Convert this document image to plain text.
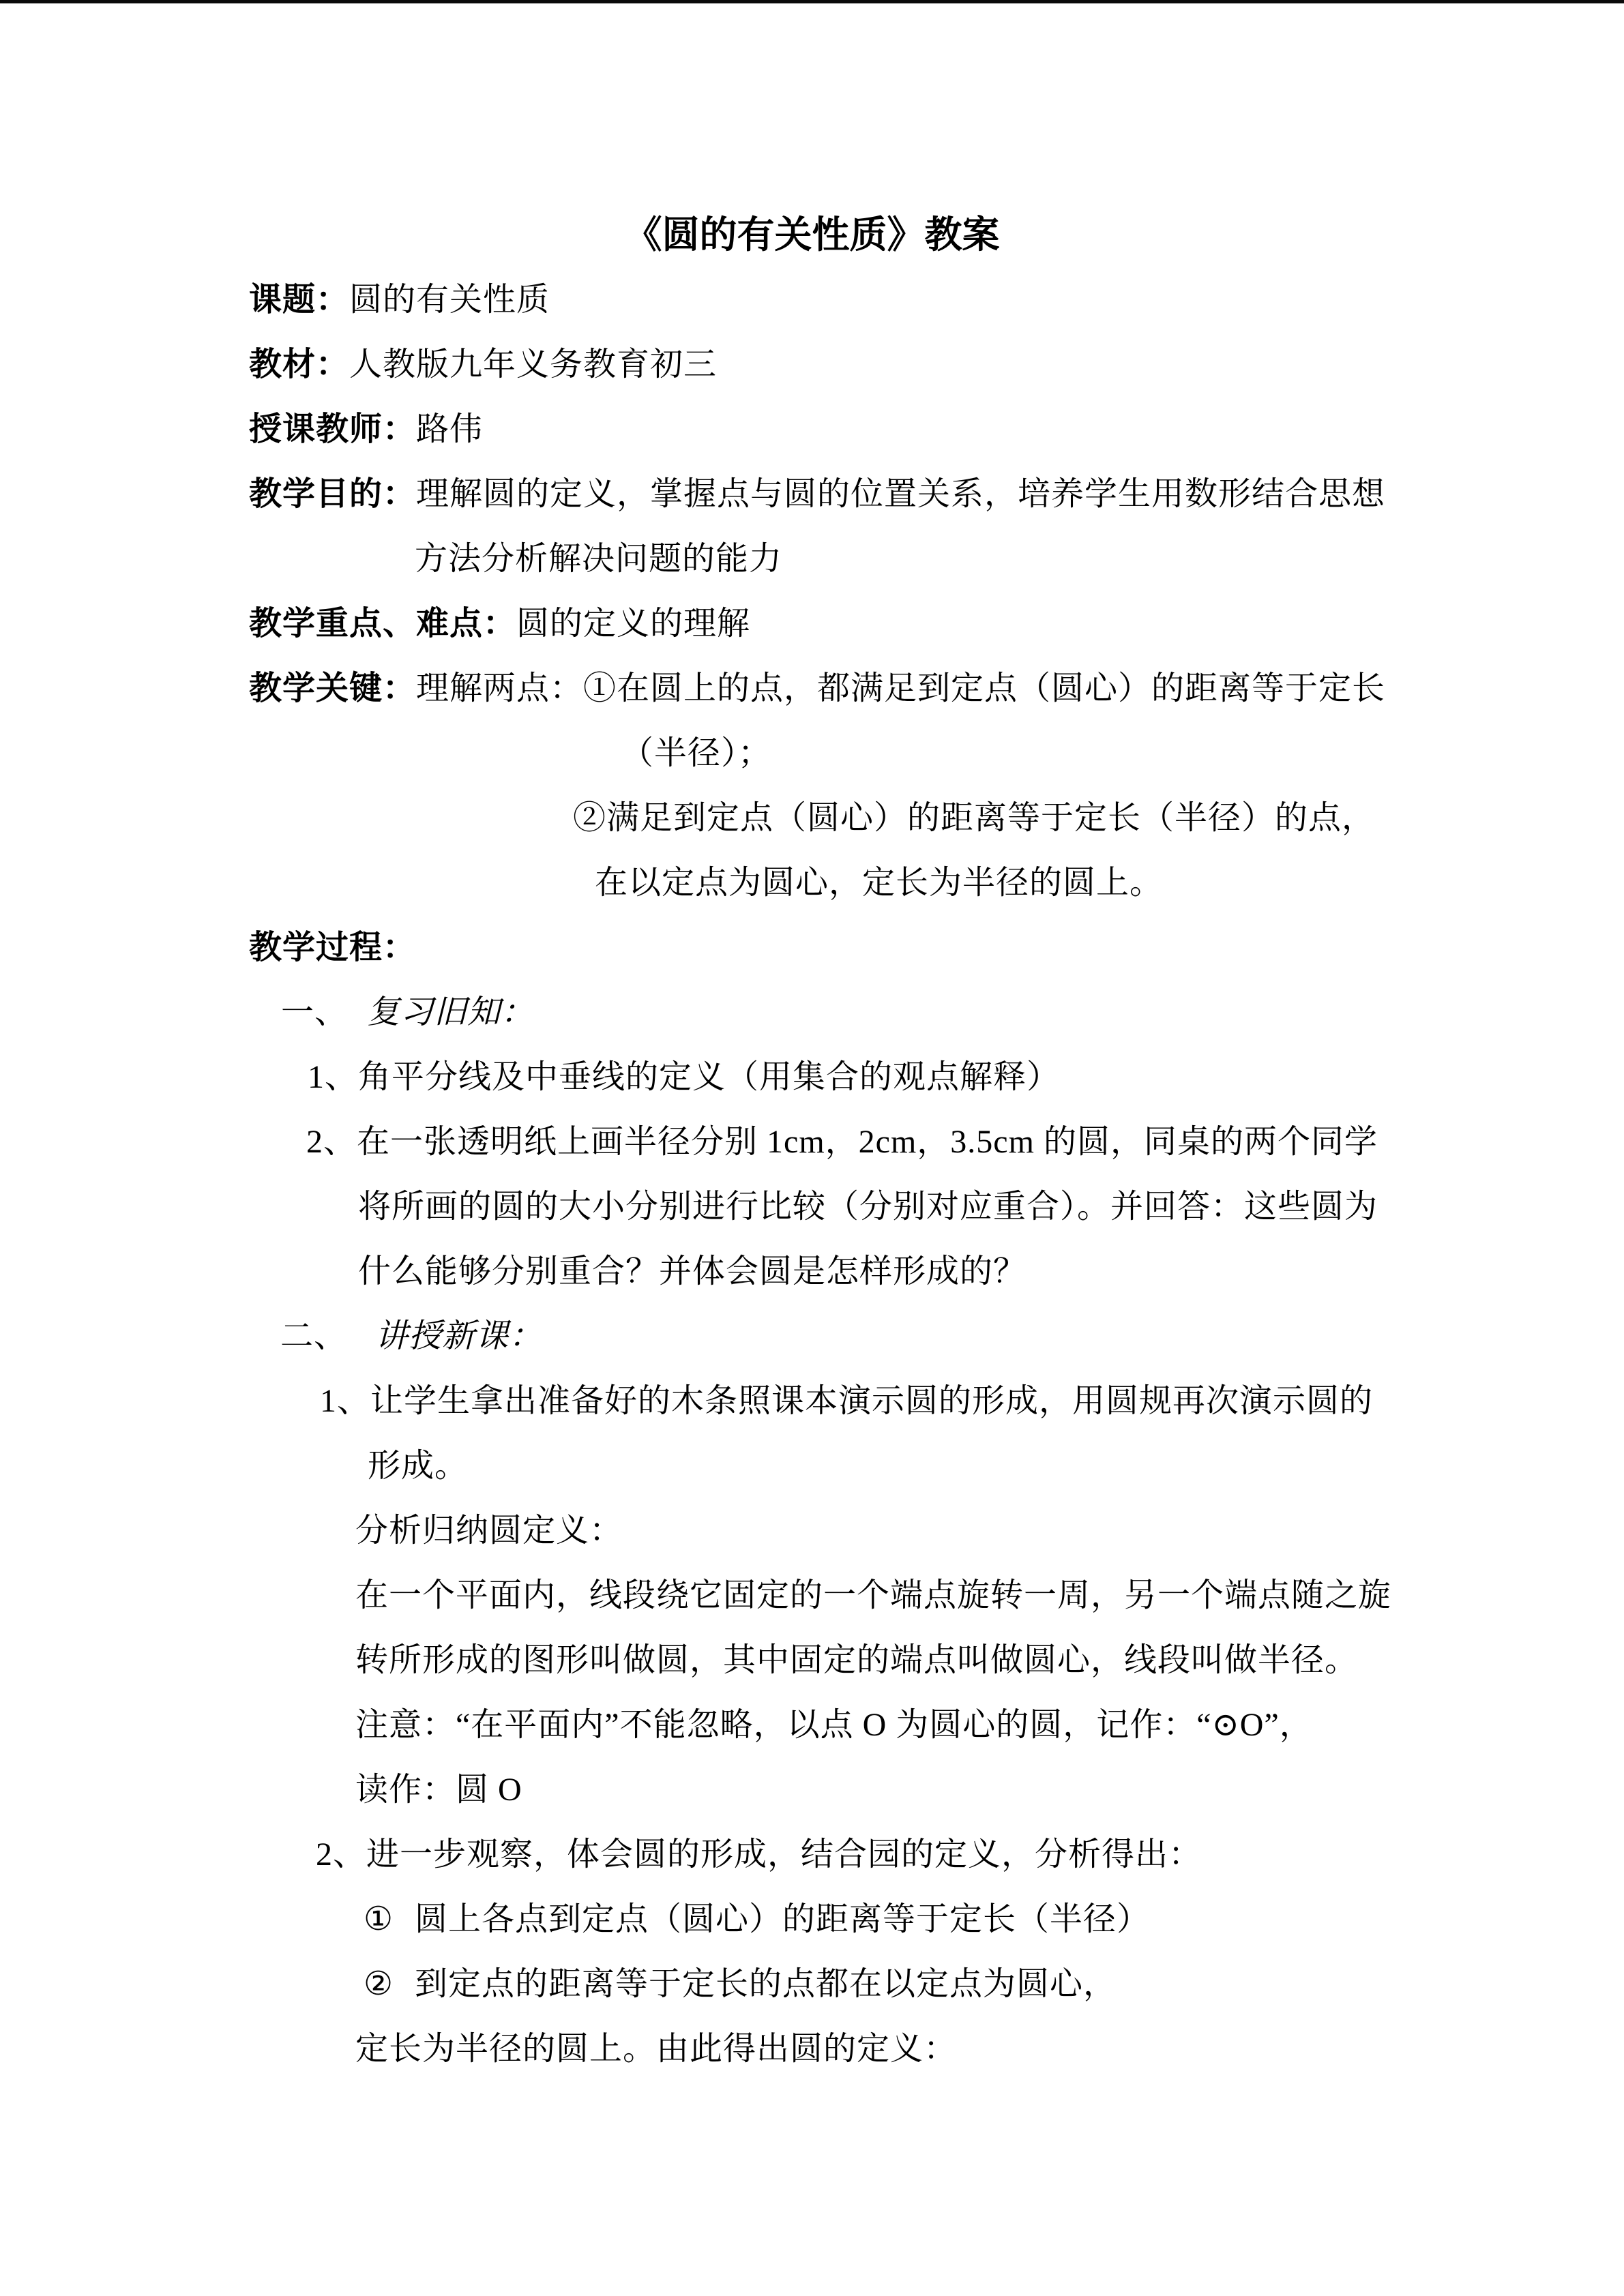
《圆的有关性质》教案
课题：圆的有关性质
教材：人教版九年义务教育初三
授课教师：路伟
教学目的：理解圆的定义，掌握点与圆的位置关系，培养学生用数形结合思想
方法分析解决问题的能力
教学重点、难点：圆的定义的理解
教学关键：理解两点：①在圆上的点，都满足到定点（圆心）的距离等于定长
（半径）；
②满足到定点（圆心）的距离等于定长（半径）的点，
在以定点为圆心，定长为半径的圆上。
教学过程：
一、 复习旧知：
1、角平分线及中垂线的定义（用集合的观点解释）
2、在一张透明纸上画半径分别 1cm，2cm，3.5cm 的圆，同桌的两个同学
将所画的圆的大小分别进行比较（分别对应重合）。并回答：这些圆为
什么能够分别重合？并体会圆是怎样形成的？
二、 讲授新课：
1、让学生拿出准备好的木条照课本演示圆的形成，用圆规再次演示圆的
形成。
分析归纳圆定义：
在一个平面内，线段绕它固定的一个端点旋转一周，另一个端点随之旋
转所形成的图形叫做圆，其中固定的端点叫做圆心，线段叫做半径。
注意：“在平面内”不能忽略，以点 O 为圆心的圆，记作：“⊙O”，
读作：圆 O
2、进一步观察，体会圆的形成，结合园的定义，分析得出：
① 圆上各点到定点（圆心）的距离等于定长（半径）
② 到定点的距离等于定长的点都在以定点为圆心，
定长为半径的圆上。由此得出圆的定义：
